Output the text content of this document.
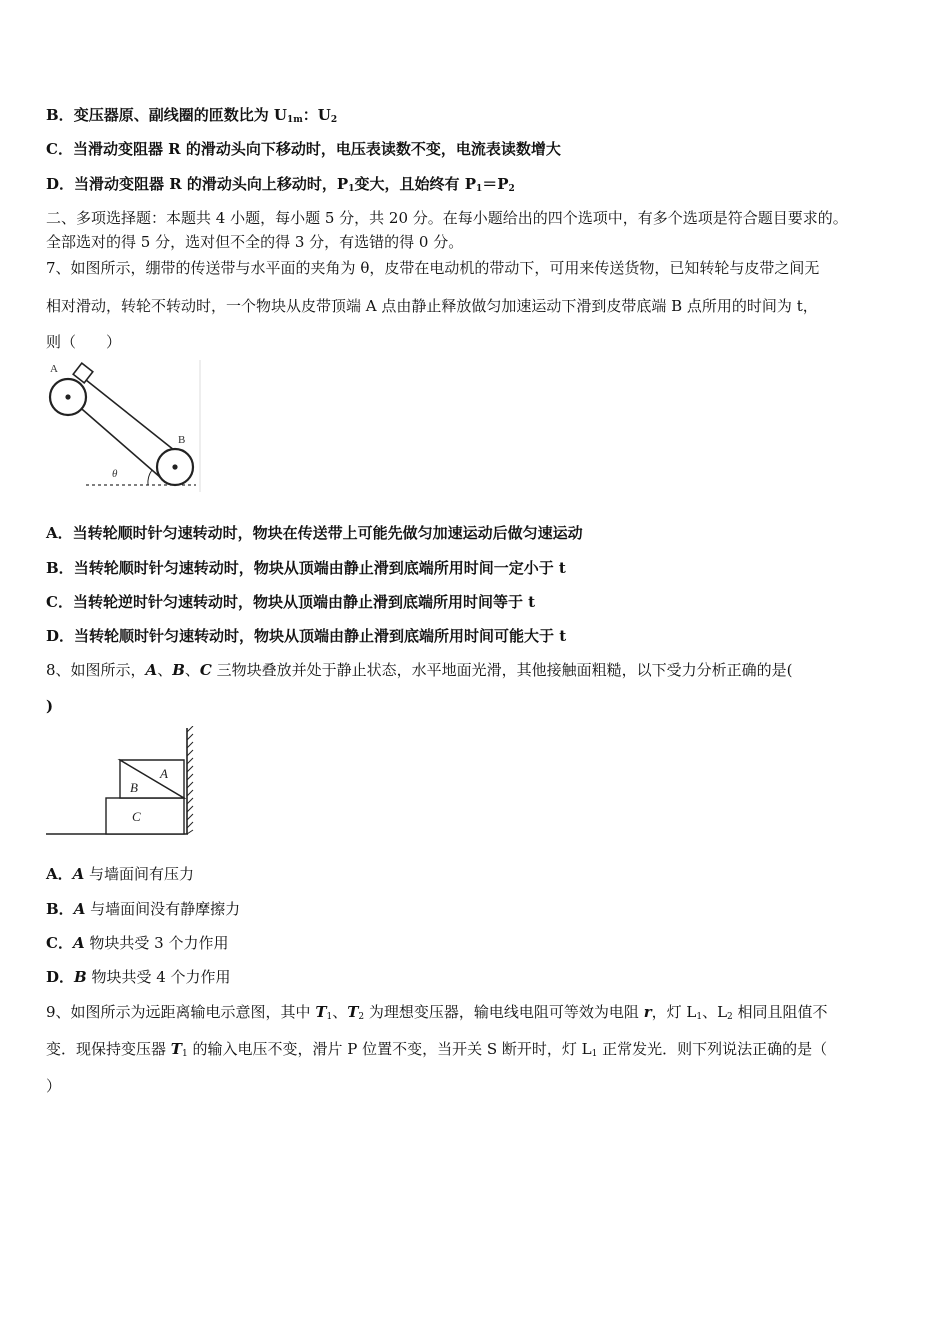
B．变压器原、副线圈的匝数比为 $U_{1m}$：$U_2$
C．当滑动变阻器 R 的滑动头向下移动时，电压表读数不变，电流表读数增大
D．当滑动变阻器 R 的滑动头向上移动时，$P_1$变大，且始终有 $P_1=P_2$
二、多项选择题：本题共 4 小题，每小题 5 分，共 20 分。在每小题给出的四个选项中，有多个选项是符合题目要求的。
全部选对的得 5 分，选对但不全的得 3 分，有选错的得 0 分。
7、如图所示，绷带的传送带与水平面的夹角为 θ，皮带在电动机的带动下，可用来传送货物，已知转轮与皮带之间无
相对滑动，转轮不转动时，一个物块从皮带顶端 A 点由静止释放做匀加速运动下滑到皮带底端 B 点所用的时间为 t，
则（　　）
A
B
θ
A．当转轮顺时针匀速转动时，物块在传送带上可能先做匀加速运动后做匀速运动
B．当转轮顺时针匀速转动时，物块从顶端由静止滑到底端所用时间一定小于 t
C．当转轮逆时针匀速转动时，物块从顶端由静止滑到底端所用时间等于 t
D．当转轮顺时针匀速转动时，物块从顶端由静止滑到底端所用时间可能大于 t
8、如图所示，A、B、C 三物块叠放并处于静止状态，水平地面光滑，其他接触面粗糙，以下受力分析正确的是(
)
B
A
C
A．A 与墙面间有压力
B．A 与墙面间没有静摩擦力
C．A 物块共受 3 个力作用
D．B 物块共受 4 个力作用
9、如图所示为远距离输电示意图，其中 $T_1$、$T_2$ 为理想变压器，输电线电阻可等效为电阻 r，灯 $L_1$、$L_2$ 相同且阻值不
变．现保持变压器 $T_1$ 的输入电压不变，滑片 P 位置不变，当开关 S 断开时，灯 $L_1$ 正常发光．则下列说法正确的是（
）
